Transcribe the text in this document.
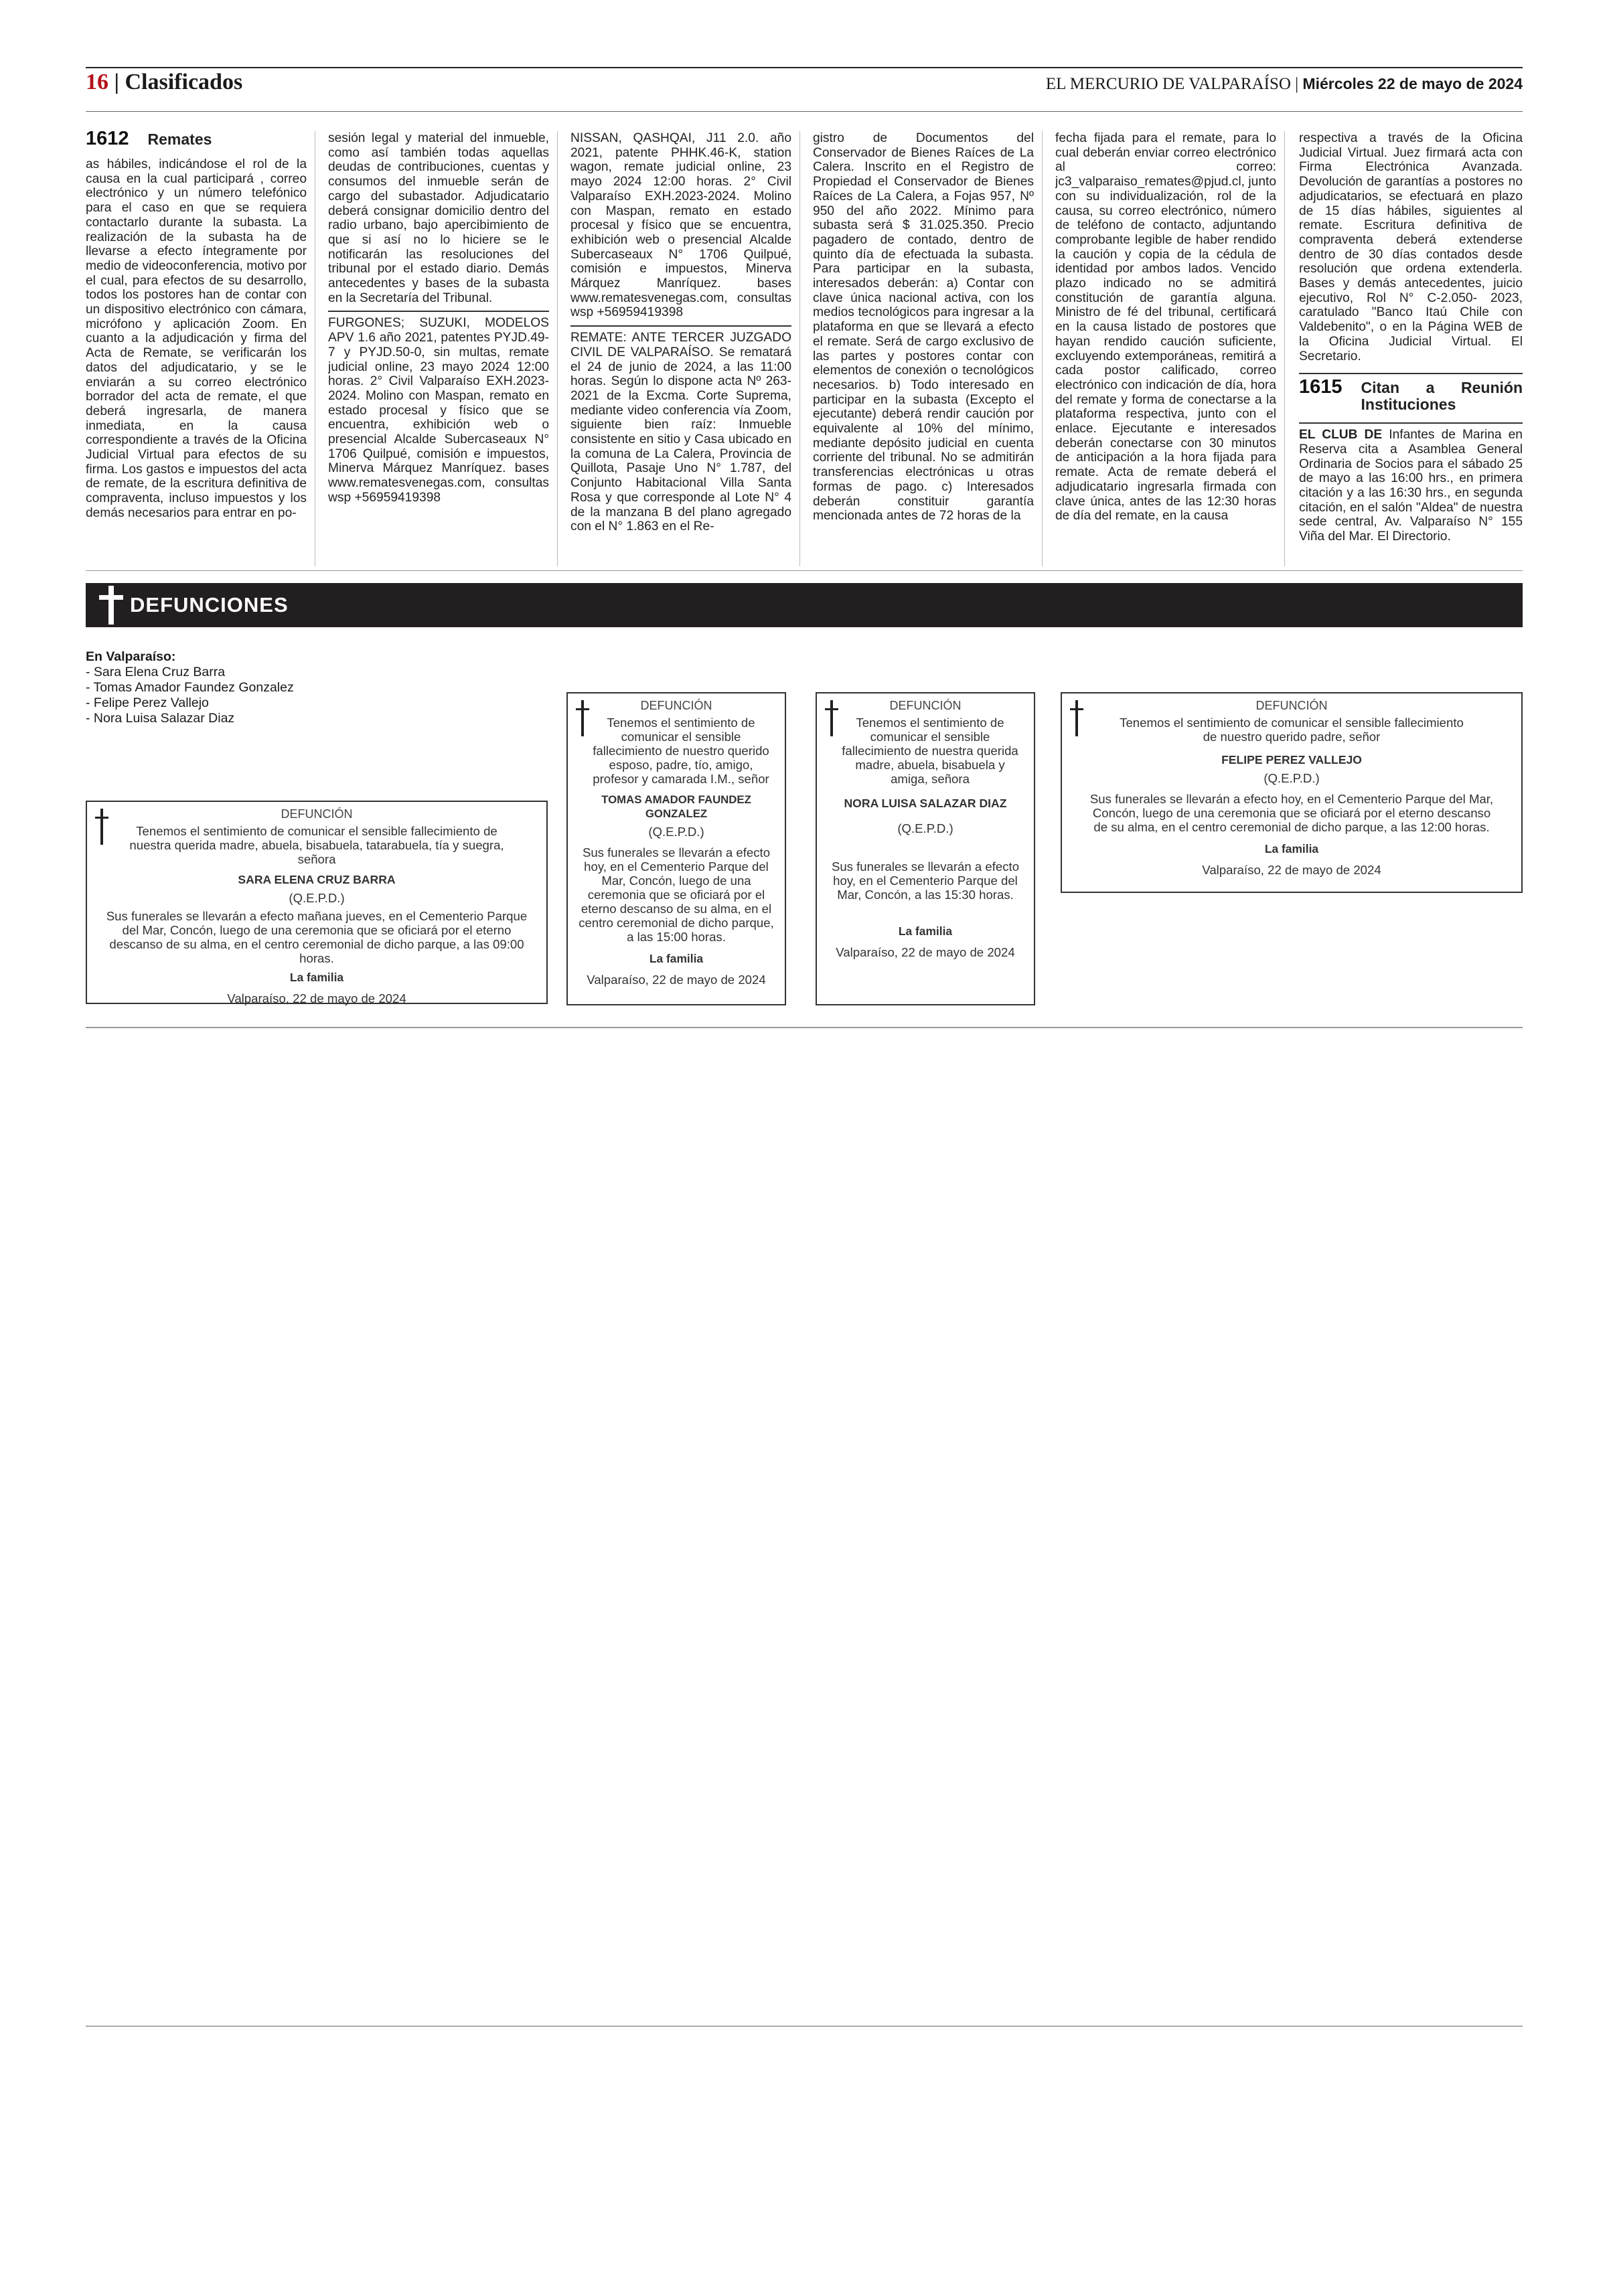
16 | Clasificados	EL MERCURIO DE VALPARAÍSO | Miércoles 22 de mayo de 2024
1612 Remates

as hábiles, indicándose el rol de la causa en la cual participará , correo electrónico y un número telefónico para el caso en que se requiera contactarlo durante la subasta. La realización de la subasta ha de llevarse a efecto íntegramente por medio de videoconferencia, motivo por el cual, para efectos de su desarrollo, todos los postores han de contar con un dispositivo electrónico con cámara, micrófono y aplicación Zoom. En cuanto a la adjudicación y firma del Acta de Remate, se verificarán los datos del adjudicatario, y se le enviarán a su correo electrónico borrador del acta de remate, el que deberá ingresarla, de manera inmediata, en la causa correspondiente a través de la Oficina Judicial Virtual para efectos de su firma. Los gastos e impuestos del acta de remate, de la escritura definitiva de compraventa, incluso impuestos y los demás necesarios para entrar en po-

sesión legal y material del inmueble, como así también todas aquellas deudas de contribuciones, cuentas y consumos del inmueble serán de cargo del subastador. Adjudicatario deberá consignar domicilio dentro del radio urbano, bajo apercibimiento de que si así no lo hiciere se le notificarán las resoluciones del tribunal por el estado diario. Demás antecedentes y bases de la subasta en la Secretaría del Tribunal.

FURGONES; SUZUKI, MODELOS APV 1.6 año 2021, patentes PYJD.49-7 y PYJD.50-0, sin multas, remate judicial online, 23 mayo 2024 12:00 horas. 2° Civil Valparaíso EXH.2023-2024. Molino con Maspan, remato en estado procesal y físico que se encuentra, exhibición web o presencial Alcalde Subercaseaux N° 1706 Quilpué, comisión e impuestos, Minerva Márquez Manríquez. bases www.rematesvenegas.com, consultas wsp +56959419398

NISSAN, QASHQAI, J11 2.0. año 2021, patente PHHK.46-K, station wagon, remate judicial online, 23 mayo 2024 12:00 horas. 2° Civil Valparaíso EXH.2023-2024. Molino con Maspan, remato en estado procesal y físico que se encuentra, exhibición web o presencial Alcalde Subercaseaux N° 1706 Quilpué, comisión e impuestos, Minerva Márquez Manríquez. bases www.rematesvenegas.com, consultas wsp +56959419398

REMATE: ANTE TERCER JUZGADO CIVIL DE VALPARAÍSO. Se rematará el 24 de junio de 2024, a las 11:00 horas. Según lo dispone acta Nº 2632021 de la Excma. Corte Suprema, mediante video conferencia vía Zoom, siguiente bien raíz: Inmueble consistente en sitio y Casa ubicado en la comuna de La Calera, Provincia de Quillota, Pasaje Uno N° 1.787, del Conjunto Habitacional Villa Santa Rosa y que corresponde al Lote N° 4 de la manzana B del plano agregado con el N° 1.863 en el Re-

gistro de Documentos del Conservador de Bienes Raíces de La Calera. Inscrito en el Registro de Propiedad el Conservador de Bienes Raíces de La Calera, a Fojas 957, Nº 950 del año 2022. Mínimo para subasta será $ 31.025.350. Precio pagadero de contado, dentro de quinto día de efectuada la subasta. Para participar en la subasta, interesados deberán: a) Contar con clave única nacional activa, con los medios tecnológicos para ingresar a la plataforma en que se llevará a efecto el remate. Será de cargo exclusivo de las partes y postores contar con elementos de conexión o tecnológicos necesarios. b) Todo interesado en participar en la subasta (Excepto el ejecutante) deberá rendir caución por equivalente al 10% del mínimo, mediante depósito judicial en cuenta corriente del tribunal. No se admitirán transferencias electrónicas u otras formas de pago. c) Interesados deberán constituir garantía mencionada antes de 72 horas de la

fecha fijada para el remate, para lo cual deberán enviar correo electrónico al correo: jc3_valparaiso_remates@pjud.cl, junto con su individualización, rol de la causa, su correo electrónico, número de teléfono de contacto, adjuntando comprobante legible de haber rendido la caución y copia de la cédula de identidad por ambos lados. Vencido plazo indicado no se admitirá constitución de garantía alguna. Ministro de fé del tribunal, certificará en la causa listado de postores que hayan rendido caución suficiente, excluyendo extemporáneas, remitirá a cada postor calificado, correo electrónico con indicación de día, hora del remate y forma de conectarse a la plataforma respectiva, junto con el enlace. Ejecutante e interesados deberán conectarse con 30 minutos de anticipación a la hora fijada para remate. Acta de remate deberá el adjudicatario ingresarla firmada con clave única, antes de las 12:30 horas de día del remate, en la causa

respectiva a través de la Oficina Judicial Virtual. Juez firmará acta con Firma Electrónica Avanzada. Devolución de garantías a postores no adjudicatarios, se efectuará en plazo de 15 días hábiles, siguientes al remate. Escritura definitiva de compraventa deberá extenderse dentro de 30 días contados desde resolución que ordena extenderla. Bases y demás antecedentes, juicio ejecutivo, Rol N° C-2.050- 2023, caratulado "Banco Itaú Chile con Valdebenito", o en la Página WEB de la Oficina Judicial Virtual. El Secretario.

1615 Citan a Reunión Instituciones
EL CLUB DE Infantes de Marina en Reserva cita a Asamblea General Ordinaria de Socios para el sábado 25 de mayo a las 16:00 hrs., en primera citación y a las 16:30 hrs., en segunda citación, en el salón "Aldea" de nuestra sede central, Av. Valparaíso N° 155 Viña del Mar. El Directorio.
DEFUNCIONES
En Valparaíso:
- Sara Elena Cruz Barra
- Tomas Amador Faundez Gonzalez
- Felipe Perez Vallejo
- Nora Luisa Salazar Diaz
DEFUNCIÓN
Tenemos el sentimiento de comunicar el sensible fallecimiento de nuestra querida madre, abuela, bisabuela, tatarabuela, tía y suegra, señora
SARA ELENA CRUZ BARRA
(Q.E.P.D.)
Sus funerales se llevarán a efecto mañana jueves, en el Cementerio Parque del Mar, Concón, luego de una ceremonia que se oficiará por el eterno descanso de su alma, en el centro ceremonial de dicho parque, a las 09:00 horas.
La familia
Valparaíso, 22 de mayo de 2024
DEFUNCIÓN
Tenemos el sentimiento de comunicar el sensible fallecimiento de nuestro querido esposo, padre, tío, amigo, profesor y camarada I.M., señor
TOMAS AMADOR FAUNDEZ GONZALEZ
(Q.E.P.D.)
Sus funerales se llevarán a efecto hoy, en el Cementerio Parque del Mar, Concón, luego de una ceremonia que se oficiará por el eterno descanso de su alma, en el centro ceremonial de dicho parque, a las 15:00 horas.
La familia
Valparaíso, 22 de mayo de 2024
DEFUNCIÓN
Tenemos el sentimiento de comunicar el sensible fallecimiento de nuestra querida madre, abuela, bisabuela y amiga, señora
NORA LUISA SALAZAR DIAZ
(Q.E.P.D.)
Sus funerales se llevarán a efecto hoy, en el Cementerio Parque del Mar, Concón, a las 15:30 horas.
La familia
Valparaíso, 22 de mayo de 2024
DEFUNCIÓN
Tenemos el sentimiento de comunicar el sensible fallecimiento de nuestro querido padre, señor
FELIPE PEREZ VALLEJO
(Q.E.P.D.)
Sus funerales se llevarán a efecto hoy, en el Cementerio Parque del Mar, Concón, luego de una ceremonia que se oficiará por el eterno descanso de su alma, en el centro ceremonial de dicho parque, a las 12:00 horas.
La familia
Valparaíso, 22 de mayo de 2024
